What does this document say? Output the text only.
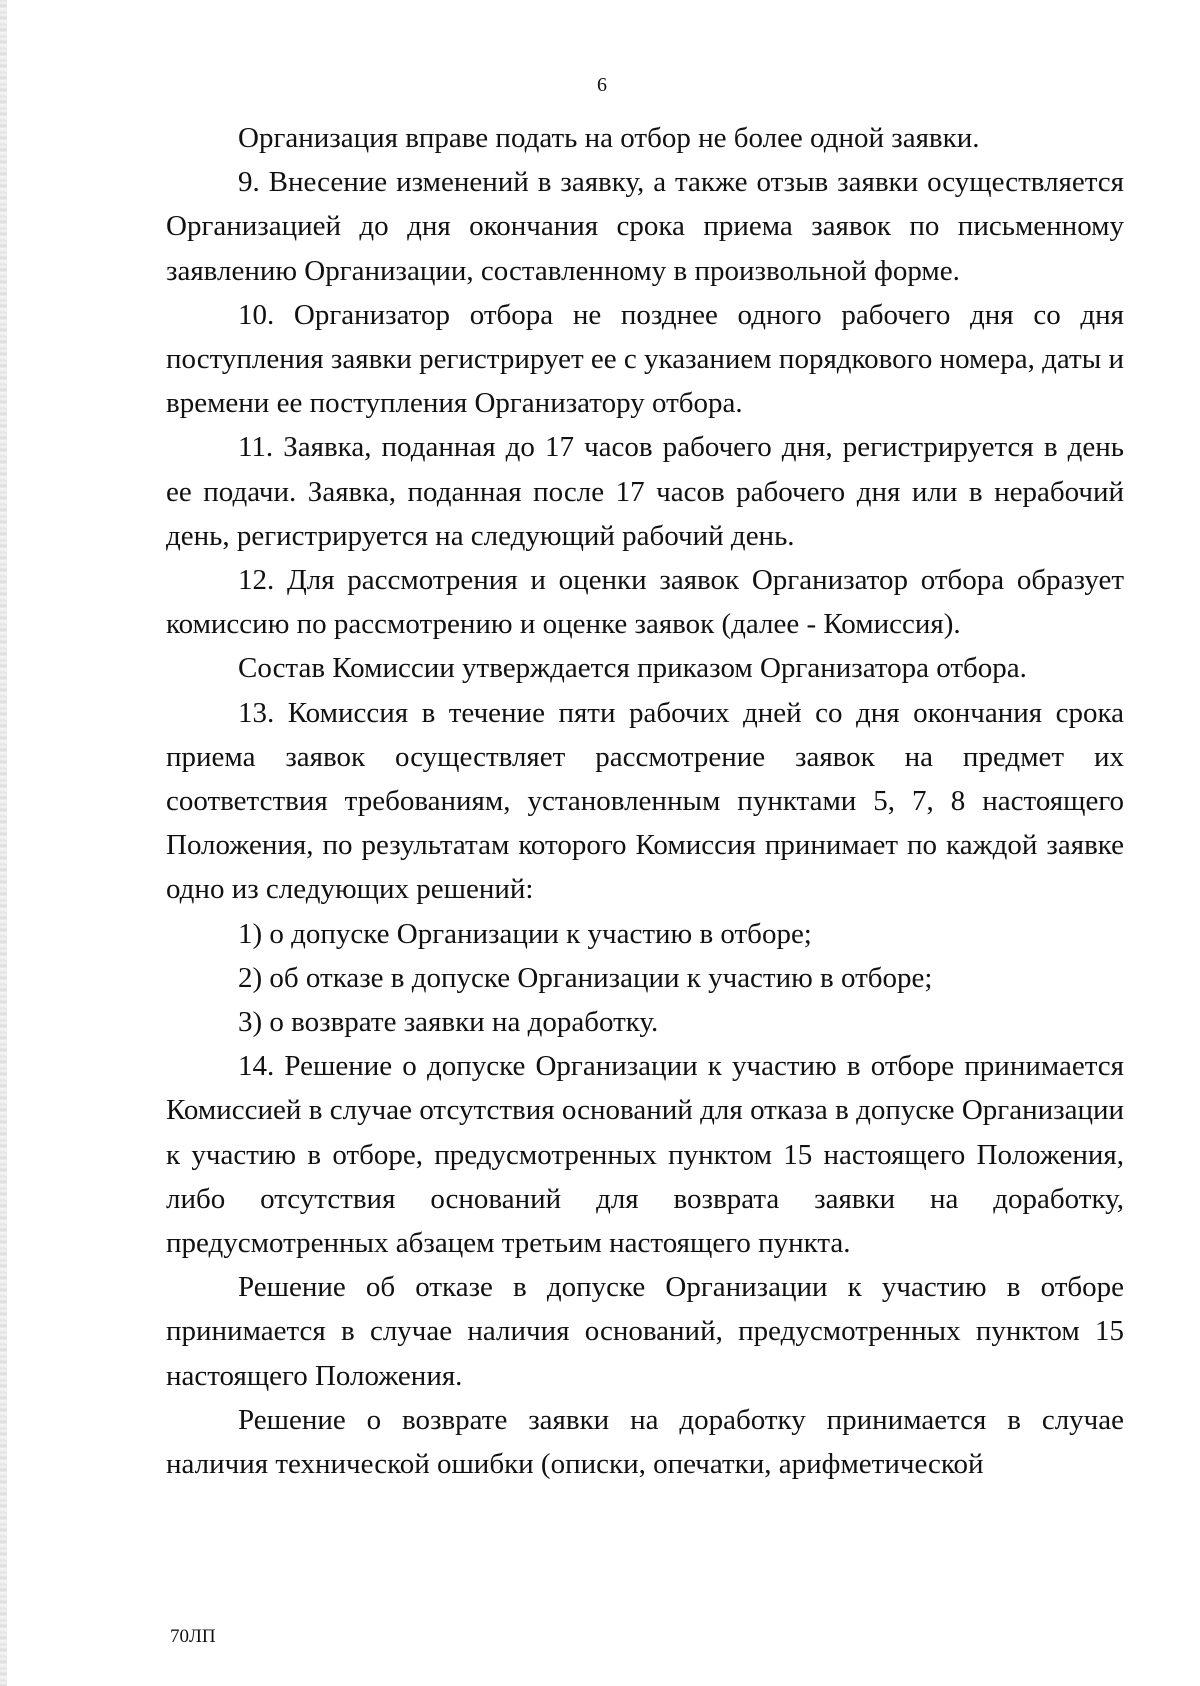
6

Организация вправе подать на отбор не более одной заявки.

9. Внесение изменений в заявку, а также отзыв заявки осуществляется Организацией до дня окончания срока приема заявок по письменному заявлению Организации, составленному в произвольной форме.

10. Организатор отбора не позднее одного рабочего дня со дня поступления заявки регистрирует ее с указанием порядкового номера, даты и времени ее поступления Организатору отбора.

11. Заявка, поданная до 17 часов рабочего дня, регистрируется в день ее подачи. Заявка, поданная после 17 часов рабочего дня или в нерабочий день, регистрируется на следующий рабочий день.

12. Для рассмотрения и оценки заявок Организатор отбора образует комиссию по рассмотрению и оценке заявок (далее - Комиссия).

Состав Комиссии утверждается приказом Организатора отбора.

13. Комиссия в течение пяти рабочих дней со дня окончания срока приема заявок осуществляет рассмотрение заявок на предмет их соответствия требованиям, установленным пунктами 5, 7, 8 настоящего Положения, по результатам которого Комиссия принимает по каждой заявке одно из следующих решений:

1) о допуске Организации к участию в отборе;

2) об отказе в допуске Организации к участию в отборе;

3) о возврате заявки на доработку.

14. Решение о допуске Организации к участию в отборе принимается Комиссией в случае отсутствия оснований для отказа в допуске Организации к участию в отборе, предусмотренных пунктом 15 настоящего Положения, либо отсутствия оснований для возврата заявки на доработку, предусмотренных абзацем третьим настоящего пункта.

Решение об отказе в допуске Организации к участию в отборе принимается в случае наличия оснований, предусмотренных пунктом 15 настоящего Положения.

Решение о возврате заявки на доработку принимается в случае наличия технической ошибки (описки, опечатки, арифметической

70ЛП
